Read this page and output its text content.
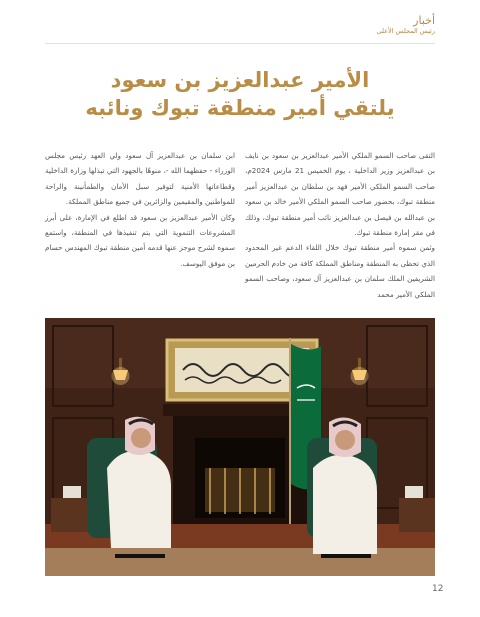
أخبار
رئيس المجلس الأعلى
الأمير عبدالعزيز بن سعود
يلتقي أمير منطقة تبوك ونائبه

التقى صاحب السمو الملكي الأمير عبدالعزيز بن سعود بن نايف بن عبدالعزيز وزير الداخلية ، يوم الخميس 21 مارس 2024م، صاحب السمو الملكي الأمير فهد بن سلطان بن عبدالعزيز أمير منطقة تبوك، بحضور صاحب السمو الملكي الأمير خالد بن سعود بن عبدالله بن فيصل بن عبدالعزيز نائب أمير منطقة تبوك، وذلك في مقر إمارة منطقة تبوك.

وثمن سموه أمير منطقة تبوك خلال اللقاء الدعم غير المحدود الذي تحظى به المنطقة ومناطق المملكة كافة من خادم الحرمين الشريفين الملك سلمان بن عبدالعزيز آل سعود، وصاحب السمو الملكي الأمير محمد

ابن سلمان بن عبدالعزيز آل سعود ولي العهد رئيس مجلس الوزراء - حفظهما الله -، منوهًا بالجهود التي تبذلها وزارة الداخلية وقطاعاتها الأمنية لتوفير سبل الأمان والطمأنينة والراحة للمواطنين والمقيمين والزائرين في جميع مناطق المملكة.

وكان الأمير عبدالعزيز بن سعود قد اطلع في الإمارة، على أبرز المشروعات التنموية التي يتم تنفيذها في المنطقة، واستمع سموه لشرح موجز عنها قدمه أمين منطقة تبوك المهندس حسام بن موفق اليوسف.

12
